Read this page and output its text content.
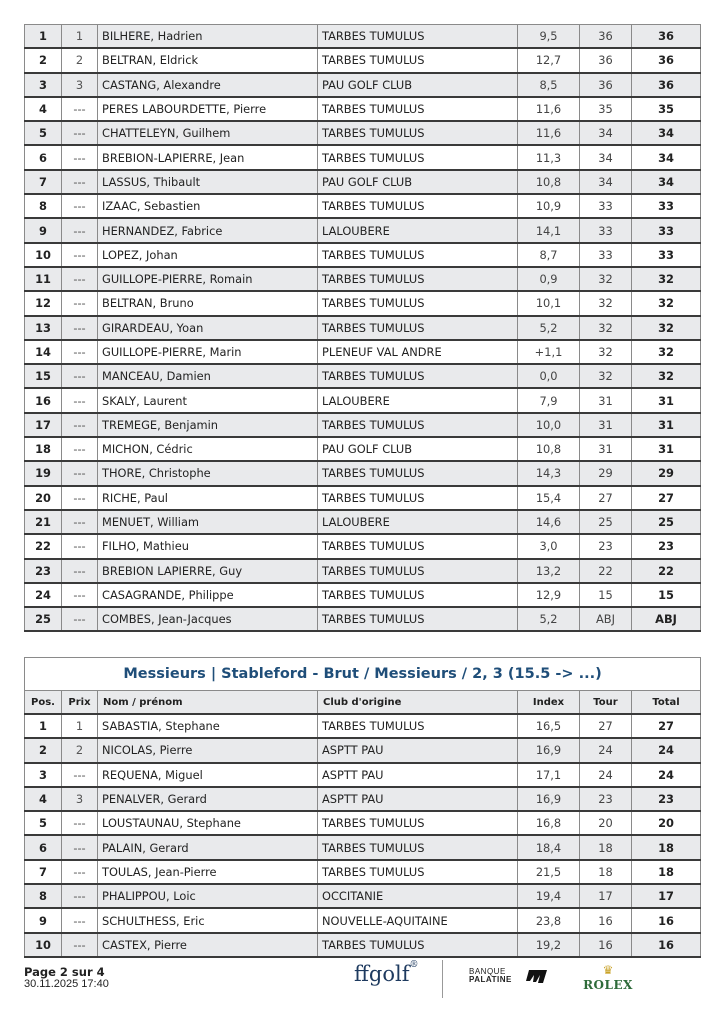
1	1	BILHERE, Hadrien	TARBES TUMULUS	9,5	36	36
2	2	BELTRAN, Eldrick	TARBES TUMULUS	12,7	36	36
3	3	CASTANG, Alexandre	PAU GOLF CLUB	8,5	36	36
4	---	PERES LABOURDETTE, Pierre	TARBES TUMULUS	11,6	35	35
5	---	CHATTELEYN, Guilhem	TARBES TUMULUS	11,6	34	34
6	---	BREBION-LAPIERRE, Jean	TARBES TUMULUS	11,3	34	34
7	---	LASSUS, Thibault	PAU GOLF CLUB	10,8	34	34
8	---	IZAAC, Sebastien	TARBES TUMULUS	10,9	33	33
9	---	HERNANDEZ, Fabrice	LALOUBERE	14,1	33	33
10	---	LOPEZ, Johan	TARBES TUMULUS	8,7	33	33
11	---	GUILLOPE-PIERRE, Romain	TARBES TUMULUS	0,9	32	32
12	---	BELTRAN, Bruno	TARBES TUMULUS	10,1	32	32
13	---	GIRARDEAU, Yoan	TARBES TUMULUS	5,2	32	32
14	---	GUILLOPE-PIERRE, Marin	PLENEUF VAL ANDRE	+1,1	32	32
15	---	MANCEAU, Damien	TARBES TUMULUS	0,0	32	32
16	---	SKALY, Laurent	LALOUBERE	7,9	31	31
17	---	TREMEGE, Benjamin	TARBES TUMULUS	10,0	31	31
18	---	MICHON, Cédric	PAU GOLF CLUB	10,8	31	31
19	---	THORE, Christophe	TARBES TUMULUS	14,3	29	29
20	---	RICHE, Paul	TARBES TUMULUS	15,4	27	27
21	---	MENUET, William	LALOUBERE	14,6	25	25
22	---	FILHO, Mathieu	TARBES TUMULUS	3,0	23	23
23	---	BREBION LAPIERRE, Guy	TARBES TUMULUS	13,2	22	22
24	---	CASAGRANDE, Philippe	TARBES TUMULUS	12,9	15	15
25	---	COMBES, Jean-Jacques	TARBES TUMULUS	5,2	ABJ	ABJ
Messieurs | Stableford - Brut / Messieurs / 2, 3 (15.5 -> ...)						
Pos.	Prix	Nom / prénom	Club d'origine	Index	Tour	Total
1	1	SABASTIA, Stephane	TARBES TUMULUS	16,5	27	27
2	2	NICOLAS, Pierre	ASPTT PAU	16,9	24	24
3	---	REQUENA, Miguel	ASPTT PAU	17,1	24	24
4	3	PENALVER, Gerard	ASPTT PAU	16,9	23	23
5	---	LOUSTAUNAU, Stephane	TARBES TUMULUS	16,8	20	20
6	---	PALAIN, Gerard	TARBES TUMULUS	18,4	18	18
7	---	TOULAS, Jean-Pierre	TARBES TUMULUS	21,5	18	18
8	---	PHALIPPOU, Loic	OCCITANIE	19,4	17	17
9	---	SCHULTHESS, Eric	NOUVELLE-AQUITAINE	23,8	16	16
10	---	CASTEX, Pierre	TARBES TUMULUS	19,2	16	16
Page 2 sur 4
30.11.2025 17:40	ffgolf®
BANQUE
PALATINE
♛
ROLEX
